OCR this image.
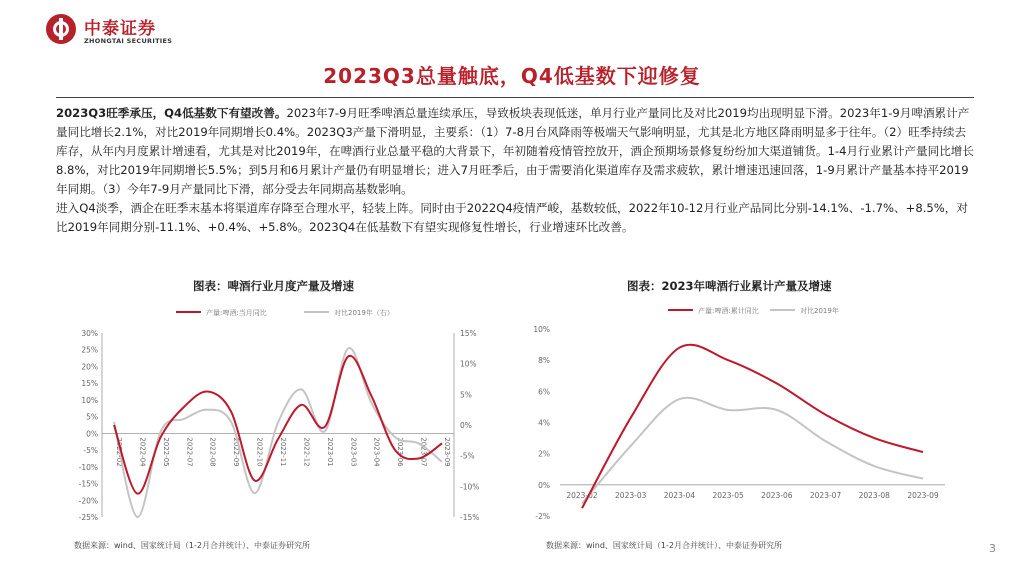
中泰证券
ZHONGTAI SECURITIES
2023Q3总量触底，Q4低基数下迎修复

2023Q3旺季承压，Q4低基数下有望改善。2023年7-9月旺季啤酒总量连续承压，导致板块表现低迷，单月行业产量同比及对比2019均出现明显下滑。2023年1-9月啤酒累计产量同比增长2.1%，对比2019年同期增长0.4%。2023Q3产量下滑明显，主要系：（1）7-8月台风降雨等极端天气影响明显，尤其是北方地区降雨明显多于往年。（2）旺季持续去库存，从年内月度累计增速看，尤其是对比2019年，在啤酒行业总量平稳的大背景下，年初随着疫情管控放开，酒企预期场景修复纷纷加大渠道铺货。1-4月行业累计产量同比增长8.8%，对比2019年同期增长5.5%；到5月和6月累计产量仍有明显增长；进入7月旺季后，由于需要消化渠道库存及需求疲软，累计增速迅速回落，1-9月累计产量基本持平2019年同期。（3）今年7-9月产量同比下滑，部分受去年同期高基数影响。

进入Q4淡季，酒企在旺季末基本将渠道库存降至合理水平，轻装上阵。同时由于2022Q4疫情严峻，基数较低，2022年10-12月行业产品同比分别-14.1%、-1.7%、+8.5%，对比2019年同期分别-11.1%、+0.4%、+5.8%。2023Q4在低基数下有望实现修复性增长，行业增速环比改善。

图表：啤酒行业月度产量及增速	图表：2023年啤酒行业累计产量及增速
产量:啤酒:当月同比	对比2019年（右）
30%
25%
20%
15%
10%
5%
0%
-5%
-10%
-15%
-20%
-25%
15%
10%
5%
0%
-5%
-10%
-15%
2022-02 2022-04 2022-05 2022-07 2022-08 2022-09 2022-10 2022-11 2022-12 2023-01 2023-03 2023-04 2023-06 2023-07 2023-09
产量:啤酒:累计同比	对比2019年
10%
8%
6%
4%
2%
0%
-2%
2023-02 2023-03 2023-04 2023-05 2023-06 2023-07 2023-08 2023-09
数据来源：wind、国家统计局（1-2月合并统计）、中泰证券研究所	数据来源：wind、国家统计局（1-2月合并统计）、中泰证券研究所	3
